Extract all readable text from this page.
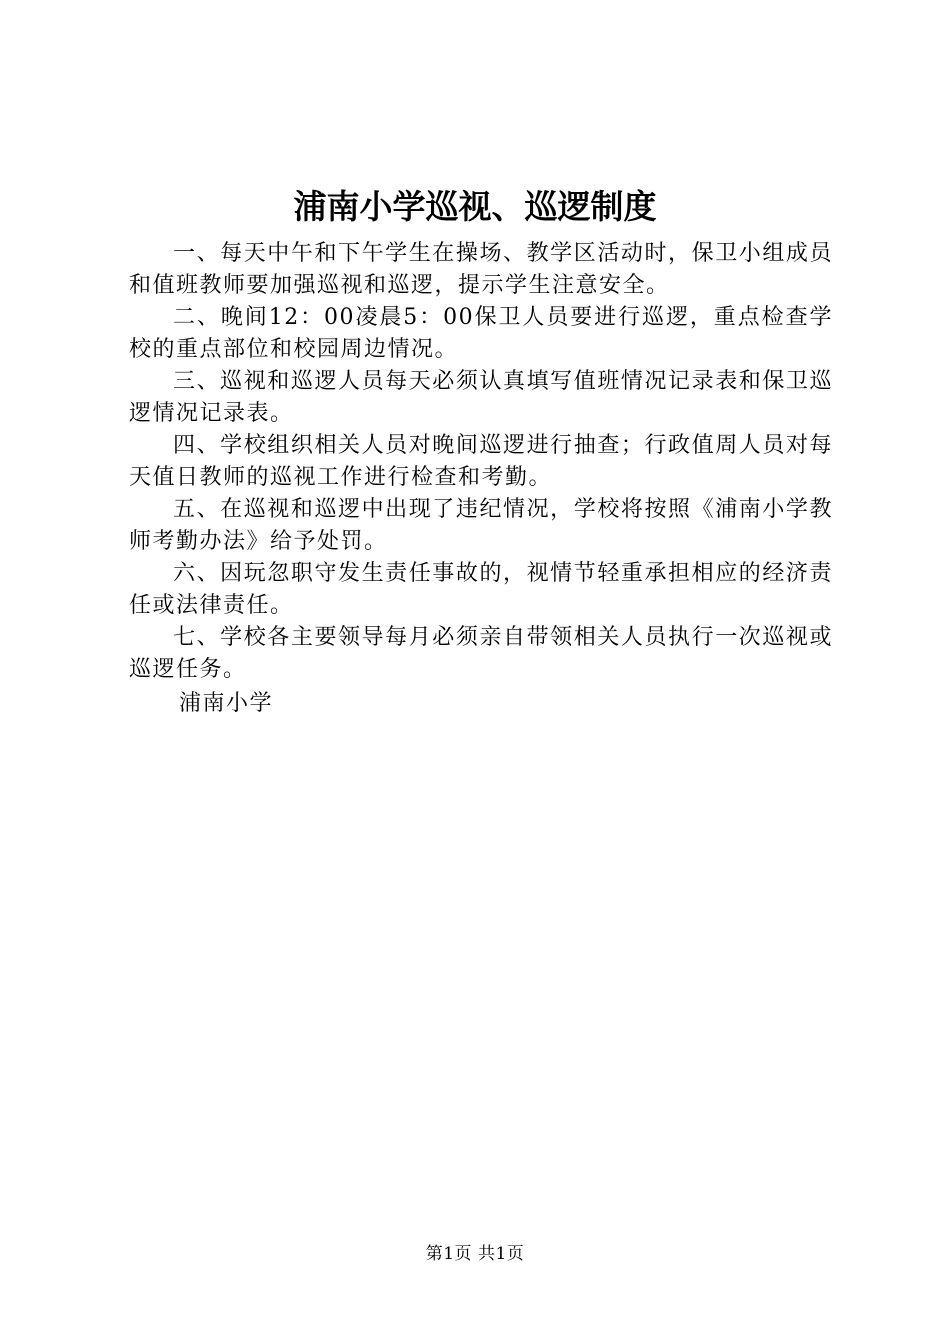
浦南小学巡视、巡逻制度

一、每天中午和下午学生在操场、教学区活动时，保卫小组成员和值班教师要加强巡视和巡逻，提示学生注意安全。

二、晚间12：00凌晨5：00保卫人员要进行巡逻，重点检查学校的重点部位和校园周边情况。

三、巡视和巡逻人员每天必须认真填写值班情况记录表和保卫巡逻情况记录表。

四、学校组织相关人员对晚间巡逻进行抽查；行政值周人员对每天值日教师的巡视工作进行检查和考勤。

五、在巡视和巡逻中出现了违纪情况，学校将按照《浦南小学教师考勤办法》给予处罚。

六、因玩忽职守发生责任事故的，视情节轻重承担相应的经济责任或法律责任。

七、学校各主要领导每月必须亲自带领相关人员执行一次巡视或巡逻任务。

浦南小学

第1页 共1页
